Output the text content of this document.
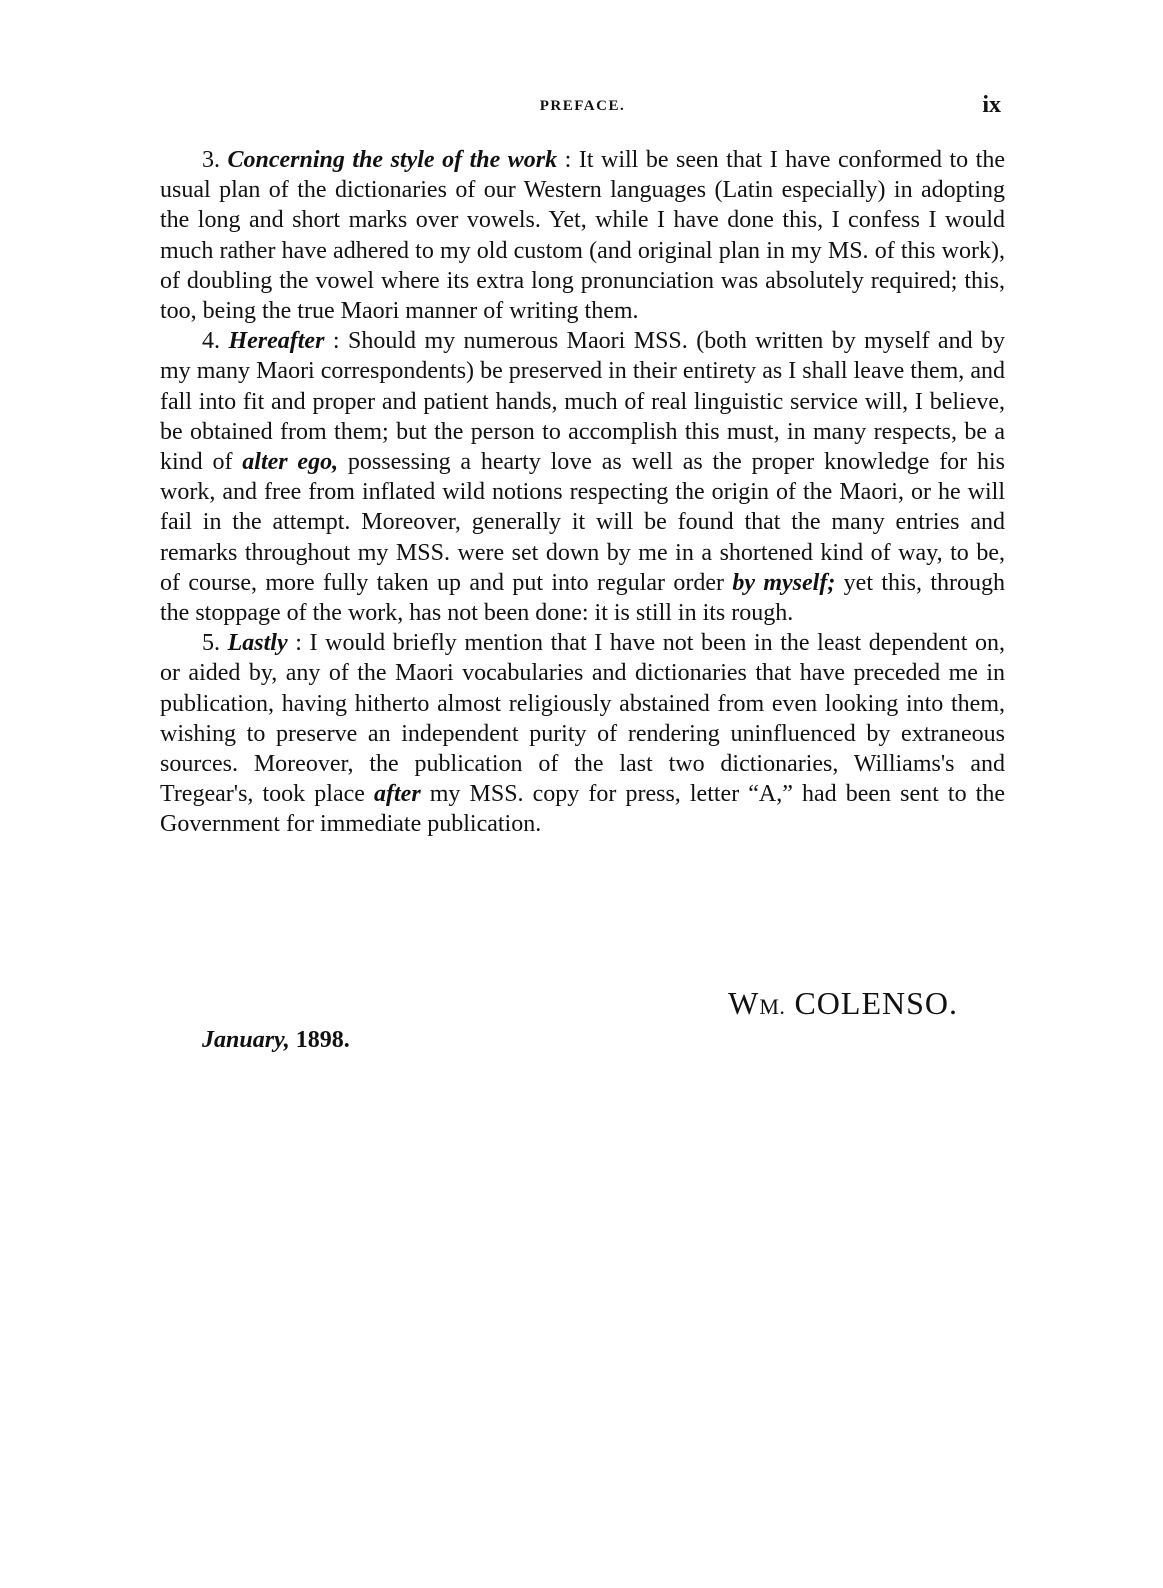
PREFACE.	ix

3. Concerning the style of the work : It will be seen that I have conformed to the usual plan of the dictionaries of our Western languages (Latin especially) in adopting the long and short marks over vowels. Yet, while I have done this, I confess I would much rather have adhered to my old custom (and original plan in my MS. of this work), of doubling the vowel where its extra long pronunciation was absolutely required; this, too, being the true Maori manner of writing them.

4. Hereafter : Should my numerous Maori MSS. (both written by myself and by my many Maori correspondents) be preserved in their entirety as I shall leave them, and fall into fit and proper and patient hands, much of real linguistic service will, I believe, be obtained from them; but the person to accomplish this must, in many respects, be a kind of alter ego, possessing a hearty love as well as the proper knowledge for his work, and free from inflated wild notions respecting the origin of the Maori, or he will fail in the attempt. Moreover, generally it will be found that the many entries and remarks throughout my MSS. were set down by me in a shortened kind of way, to be, of course, more fully taken up and put into regular order by myself; yet this, through the stoppage of the work, has not been done: it is still in its rough.

5. Lastly : I would briefly mention that I have not been in the least dependent on, or aided by, any of the Maori vocabularies and dictionaries that have preceded me in publication, having hitherto almost religiously abstained from even looking into them, wishing to preserve an independent purity of rendering uninfluenced by extraneous sources. Moreover, the publication of the last two dictionaries, Williams's and Tregear's, took place after my MSS. copy for press, letter “A,” had been sent to the Government for immediate publication.

WM. COLENSO.
January, 1898.
